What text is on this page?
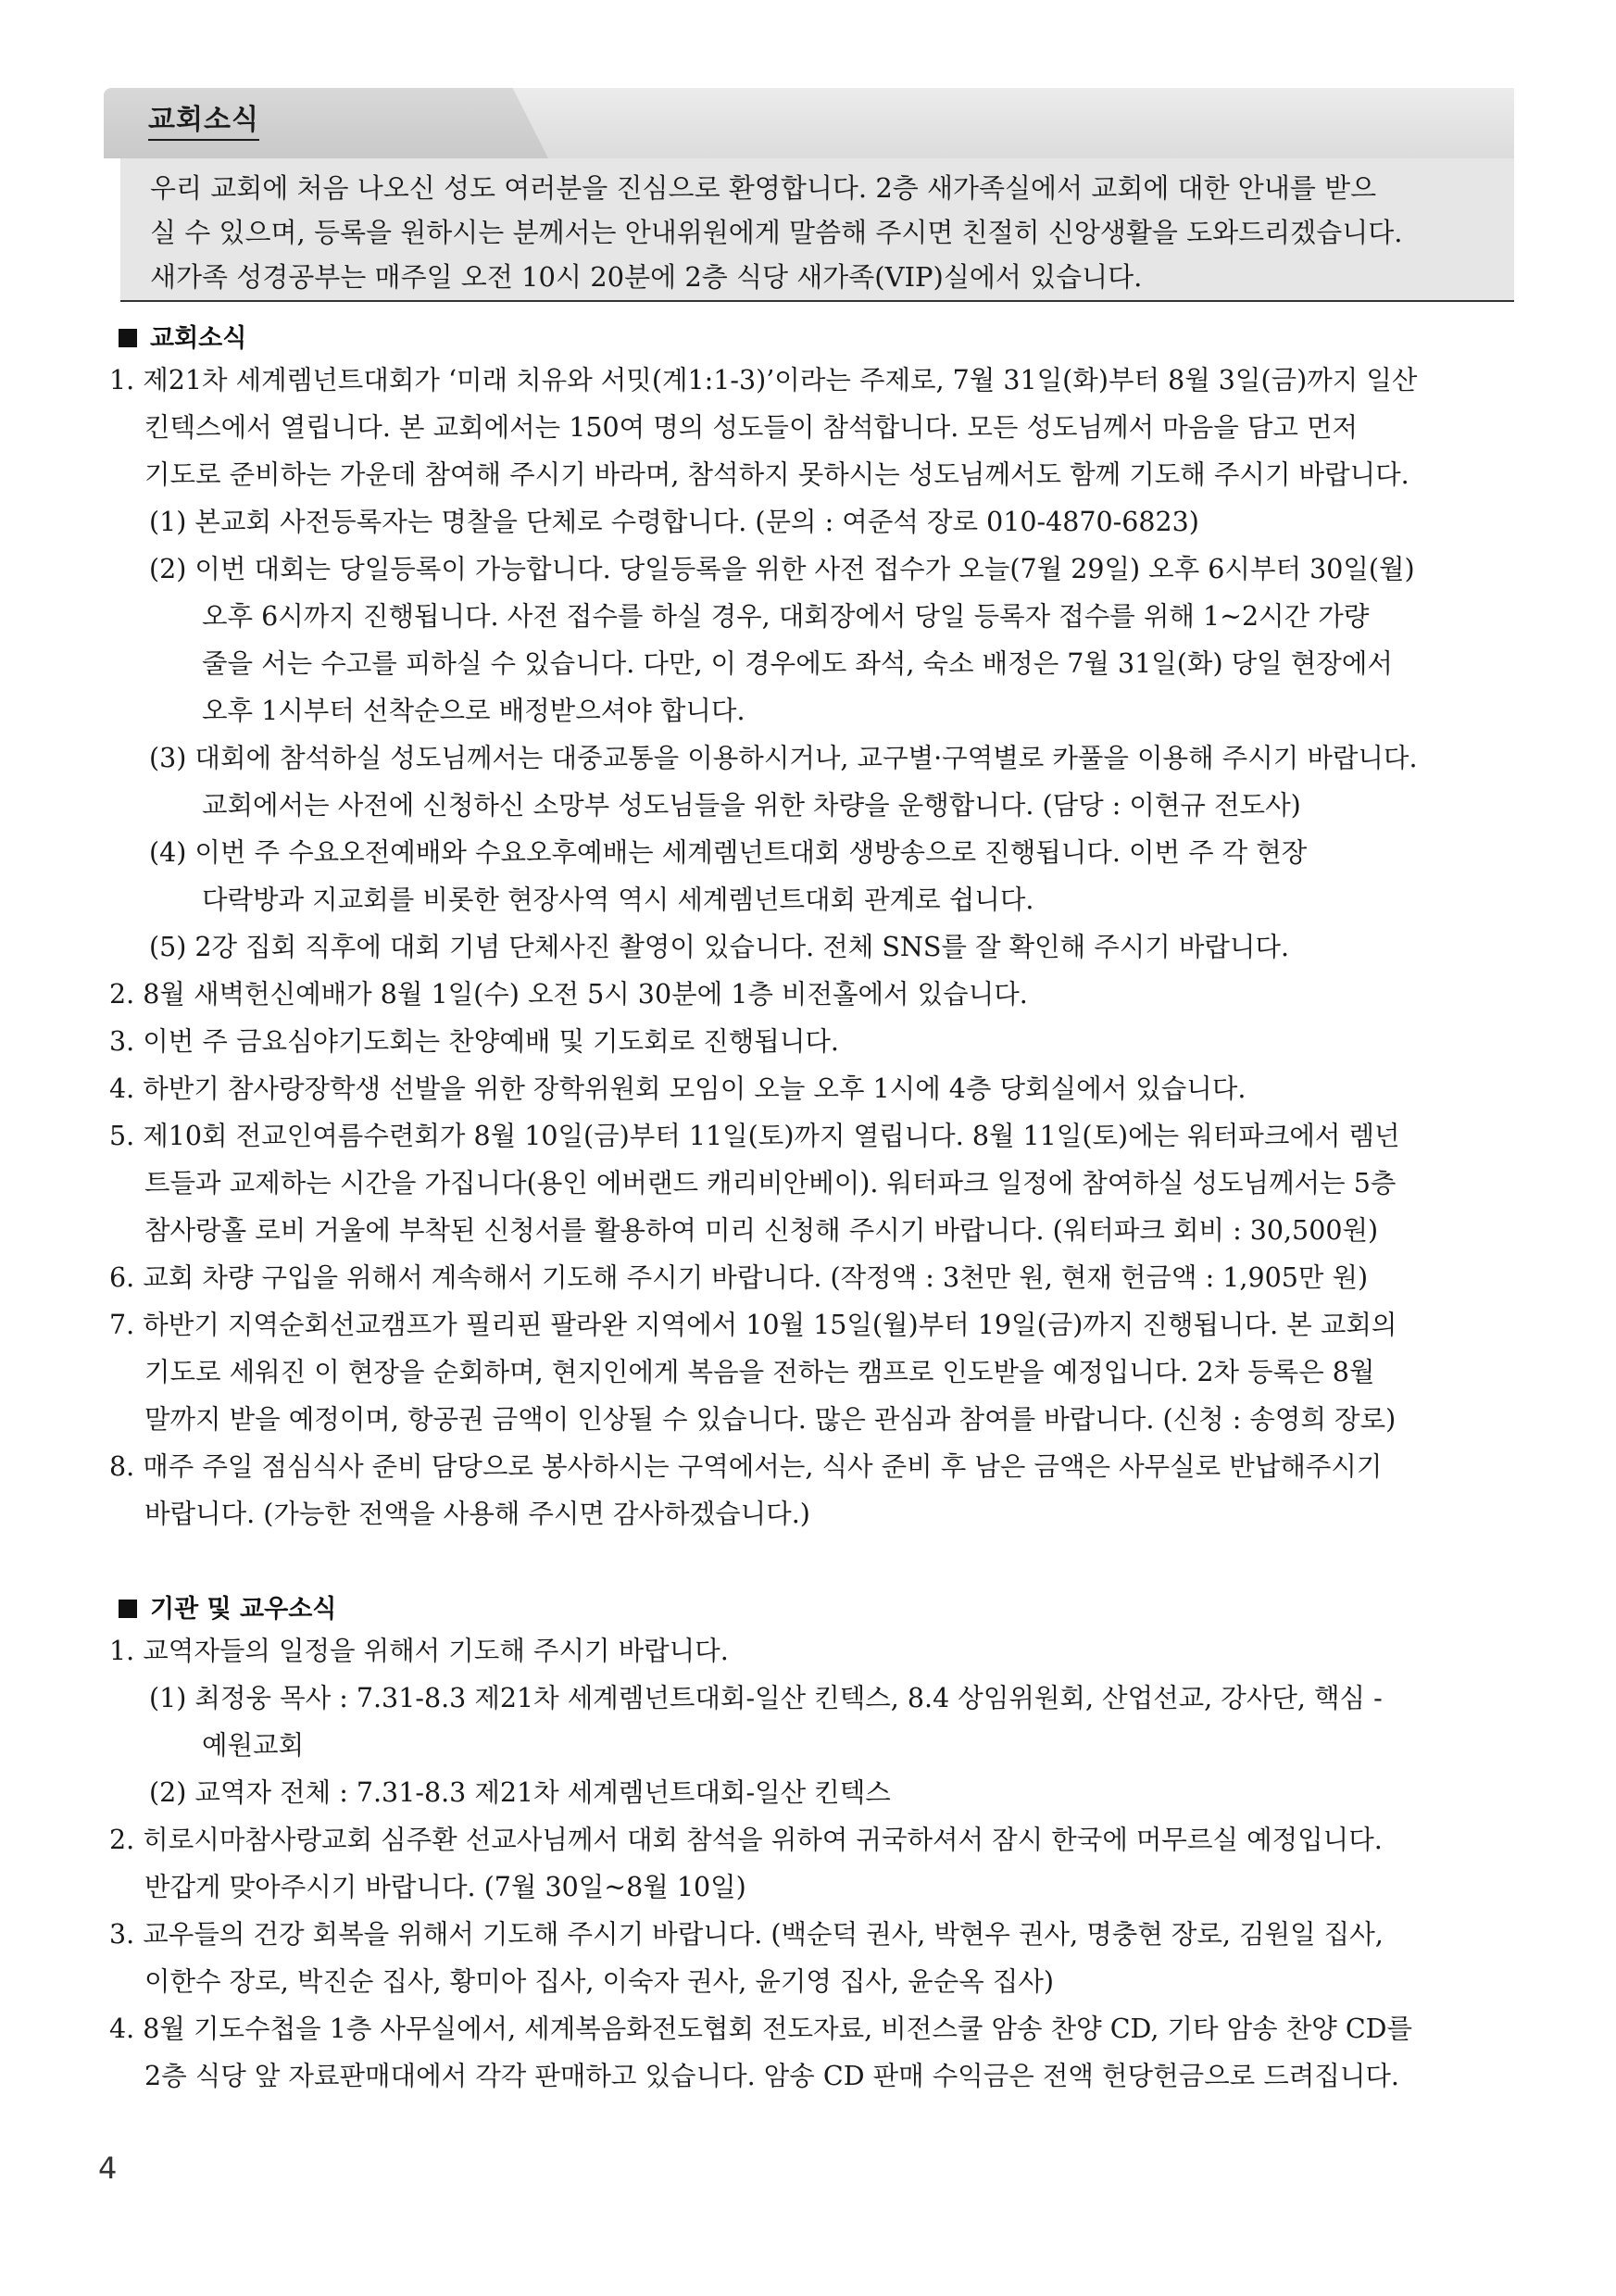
교회소식

우리 교회에 처음 나오신 성도 여러분을 진심으로 환영합니다. 2층 새가족실에서 교회에 대한 안내를 받으

실 수 있으며, 등록을 원하시는 분께서는 안내위원에게 말씀해 주시면 친절히 신앙생활을 도와드리겠습니다.

새가족 성경공부는 매주일 오전 10시 20분에 2층 식당 새가족(VIP)실에서 있습니다.

교회소식
1. 제21차 세계렘넌트대회가 ‘미래 치유와 서밋(계1:1-3)’이라는 주제로, 7월 31일(화)부터 8월 3일(금)까지 일산
킨텍스에서 열립니다. 본 교회에서는 150여 명의 성도들이 참석합니다. 모든 성도님께서 마음을 담고 먼저
기도로 준비하는 가운데 참여해 주시기 바라며, 참석하지 못하시는 성도님께서도 함께 기도해 주시기 바랍니다.
(1) 본교회 사전등록자는 명찰을 단체로 수령합니다. (문의 : 여준석 장로 010-4870-6823)
(2) 이번 대회는 당일등록이 가능합니다. 당일등록을 위한 사전 접수가 오늘(7월 29일) 오후 6시부터 30일(월)
오후 6시까지 진행됩니다. 사전 접수를 하실 경우, 대회장에서 당일 등록자 접수를 위해 1~2시간 가량
줄을 서는 수고를 피하실 수 있습니다. 다만, 이 경우에도 좌석, 숙소 배정은 7월 31일(화) 당일 현장에서
오후 1시부터 선착순으로 배정받으셔야 합니다.
(3) 대회에 참석하실 성도님께서는 대중교통을 이용하시거나, 교구별·구역별로 카풀을 이용해 주시기 바랍니다.
교회에서는 사전에 신청하신 소망부 성도님들을 위한 차량을 운행합니다. (담당 : 이현규 전도사)
(4) 이번 주 수요오전예배와 수요오후예배는 세계렘넌트대회 생방송으로 진행됩니다. 이번 주 각 현장
다락방과 지교회를 비롯한 현장사역 역시 세계렘넌트대회 관계로 쉽니다.
(5) 2강 집회 직후에 대회 기념 단체사진 촬영이 있습니다. 전체 SNS를 잘 확인해 주시기 바랍니다.
2. 8월 새벽헌신예배가 8월 1일(수) 오전 5시 30분에 1층 비전홀에서 있습니다.
3. 이번 주 금요심야기도회는 찬양예배 및 기도회로 진행됩니다.
4. 하반기 참사랑장학생 선발을 위한 장학위원회 모임이 오늘 오후 1시에 4층 당회실에서 있습니다.
5. 제10회 전교인여름수련회가 8월 10일(금)부터 11일(토)까지 열립니다. 8월 11일(토)에는 워터파크에서 렘넌
트들과 교제하는 시간을 가집니다(용인 에버랜드 캐리비안베이). 워터파크 일정에 참여하실 성도님께서는 5층
참사랑홀 로비 거울에 부착된 신청서를 활용하여 미리 신청해 주시기 바랍니다. (워터파크 회비 : 30,500원)
6. 교회 차량 구입을 위해서 계속해서 기도해 주시기 바랍니다. (작정액 : 3천만 원, 현재 헌금액 : 1,905만 원)
7. 하반기 지역순회선교캠프가 필리핀 팔라완 지역에서 10월 15일(월)부터 19일(금)까지 진행됩니다. 본 교회의
기도로 세워진 이 현장을 순회하며, 현지인에게 복음을 전하는 캠프로 인도받을 예정입니다. 2차 등록은 8월
말까지 받을 예정이며, 항공권 금액이 인상될 수 있습니다. 많은 관심과 참여를 바랍니다. (신청 : 송영희 장로)
8. 매주 주일 점심식사 준비 담당으로 봉사하시는 구역에서는, 식사 준비 후 남은 금액은 사무실로 반납해주시기
바랍니다. (가능한 전액을 사용해 주시면 감사하겠습니다.)
기관 및 교우소식
1. 교역자들의 일정을 위해서 기도해 주시기 바랍니다.
(1) 최정웅 목사 : 7.31-8.3 제21차 세계렘넌트대회-일산 킨텍스, 8.4 상임위원회, 산업선교, 강사단, 핵심 -
예원교회
(2) 교역자 전체 : 7.31-8.3 제21차 세계렘넌트대회-일산 킨텍스
2. 히로시마참사랑교회 심주환 선교사님께서 대회 참석을 위하여 귀국하셔서 잠시 한국에 머무르실 예정입니다.
반갑게 맞아주시기 바랍니다. (7월 30일~8월 10일)
3. 교우들의 건강 회복을 위해서 기도해 주시기 바랍니다. (백순덕 권사, 박현우 권사, 명충현 장로, 김원일 집사,
이한수 장로, 박진순 집사, 황미아 집사, 이숙자 권사, 윤기영 집사, 윤순옥 집사)
4. 8월 기도수첩을 1층 사무실에서, 세계복음화전도협회 전도자료, 비전스쿨 암송 찬양 CD, 기타 암송 찬양 CD를
2층 식당 앞 자료판매대에서 각각 판매하고 있습니다. 암송 CD 판매 수익금은 전액 헌당헌금으로 드려집니다.
4
